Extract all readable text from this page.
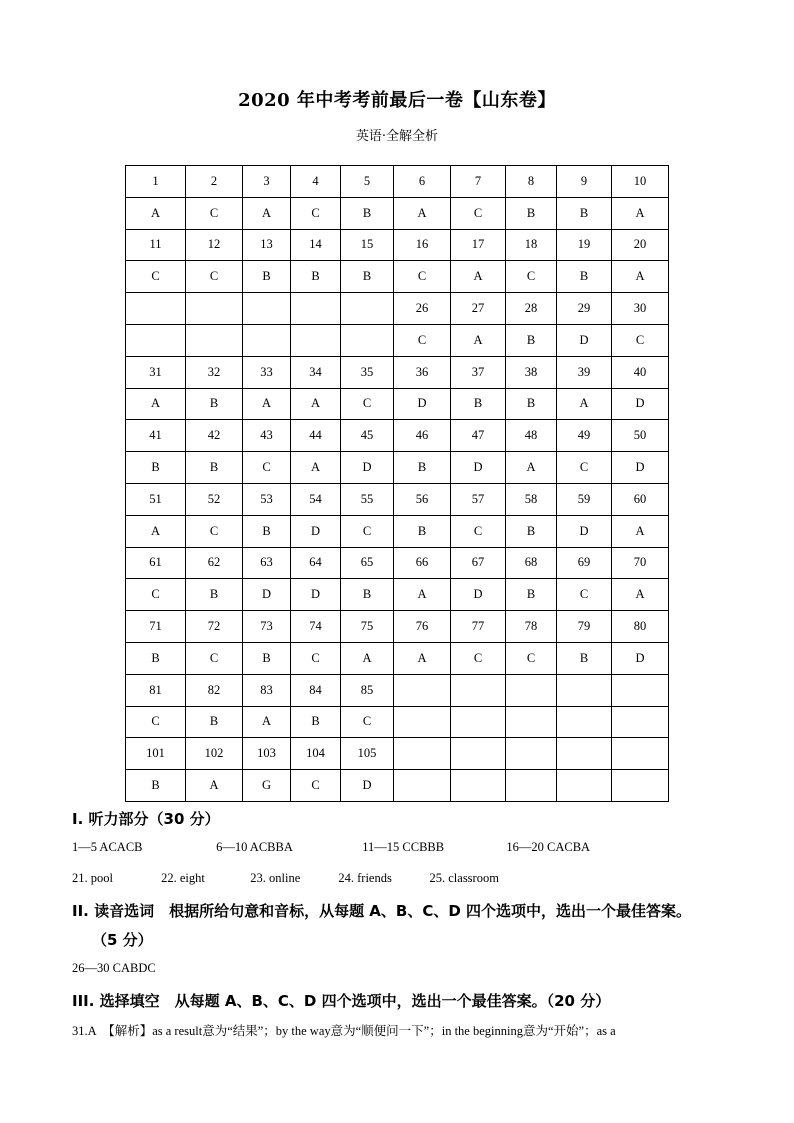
2020 年中考考前最后一卷【山东卷】
英语·全解全析
1	2	3	4	5	6	7	8	9	10
A	C	A	C	B	A	C	B	B	A
11	12	13	14	15	16	17	18	19	20
C	C	B	B	B	C	A	C	B	A
					26	27	28	29	30
					C	A	B	D	C
31	32	33	34	35	36	37	38	39	40
A	B	A	A	C	D	B	B	A	D
41	42	43	44	45	46	47	48	49	50
B	B	C	A	D	B	D	A	C	D
51	52	53	54	55	56	57	58	59	60
A	C	B	D	C	B	C	B	D	A
61	62	63	64	65	66	67	68	69	70
C	B	D	D	B	A	D	B	C	A
71	72	73	74	75	76	77	78	79	80
B	C	B	C	A	A	C	C	B	D
81	82	83	84	85					
C	B	A	B	C					
101	102	103	104	105					
B	A	G	C	D					
I. 听力部分（30 分）
1—5 ACACB	6—10 ACBBA	11—15 CCBBB	16—20 CACBA
21. pool	22. eight	23. online	24. friends	25. classroom
II. 读音选词　根据所给句意和音标，从每题 A、B、C、D 四个选项中，选出一个最佳答案。
（5 分）
26—30 CABDC
III. 选择填空　从每题 A、B、C、D 四个选项中，选出一个最佳答案。（20 分）
31.A　【解析】as a result意为“结果”；by the way意为“顺便问一下”；in the beginning意为“开始”；as a
